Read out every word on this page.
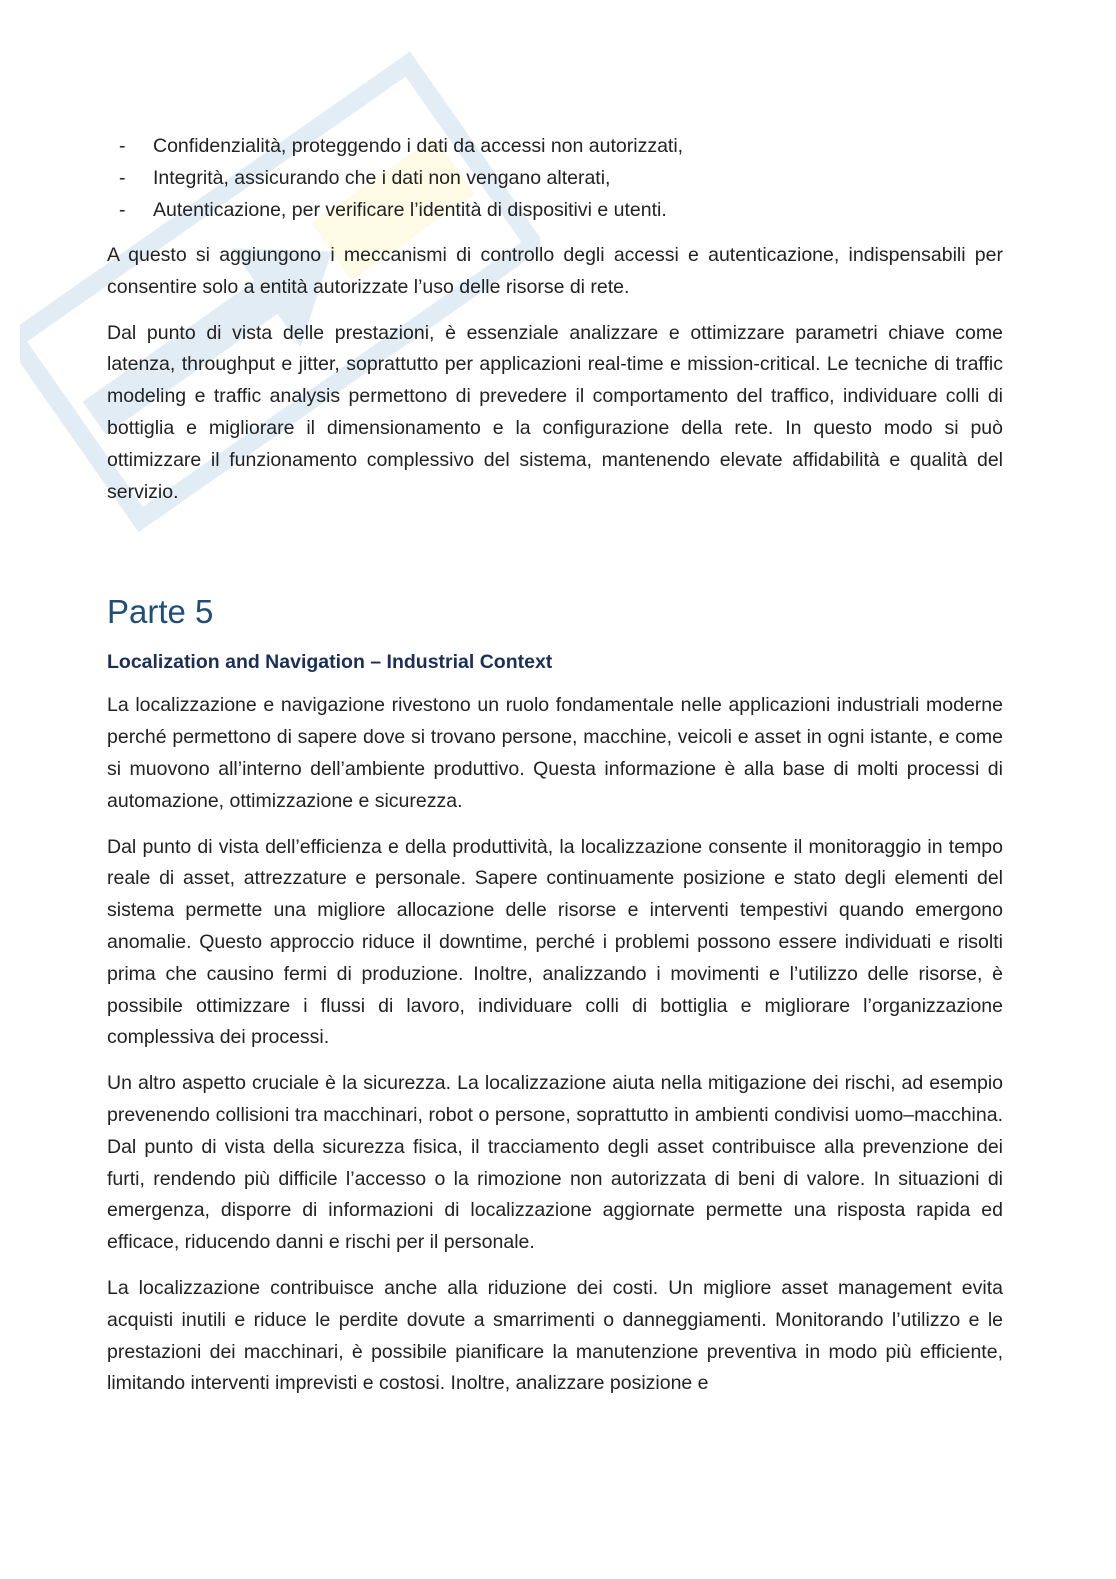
- Confidenzialità, proteggendo i dati da accessi non autorizzati,
- Integrità, assicurando che i dati non vengano alterati,
- Autenticazione, per verificare l’identità di dispositivi e utenti.

A questo si aggiungono i meccanismi di controllo degli accessi e autenticazione, indispensabili per consentire solo a entità autorizzate l’uso delle risorse di rete.

Dal punto di vista delle prestazioni, è essenziale analizzare e ottimizzare parametri chiave come latenza, throughput e jitter, soprattutto per applicazioni real-time e mission-critical. Le tecniche di traffic modeling e traffic analysis permettono di prevedere il comportamento del traffico, individuare colli di bottiglia e migliorare il dimensionamento e la configurazione della rete. In questo modo si può ottimizzare il funzionamento complessivo del sistema, mantenendo elevate affidabilità e qualità del servizio.

Parte 5
Localization and Navigation – Industrial Context

La localizzazione e navigazione rivestono un ruolo fondamentale nelle applicazioni industriali moderne perché permettono di sapere dove si trovano persone, macchine, veicoli e asset in ogni istante, e come si muovono all’interno dell’ambiente produttivo. Questa informazione è alla base di molti processi di automazione, ottimizzazione e sicurezza.

Dal punto di vista dell’efficienza e della produttività, la localizzazione consente il monitoraggio in tempo reale di asset, attrezzature e personale. Sapere continuamente posizione e stato degli elementi del sistema permette una migliore allocazione delle risorse e interventi tempestivi quando emergono anomalie. Questo approccio riduce il downtime, perché i problemi possono essere individuati e risolti prima che causino fermi di produzione. Inoltre, analizzando i movimenti e l’utilizzo delle risorse, è possibile ottimizzare i flussi di lavoro, individuare colli di bottiglia e migliorare l’organizzazione complessiva dei processi.

Un altro aspetto cruciale è la sicurezza. La localizzazione aiuta nella mitigazione dei rischi, ad esempio prevenendo collisioni tra macchinari, robot o persone, soprattutto in ambienti condivisi uomo–macchina. Dal punto di vista della sicurezza fisica, il tracciamento degli asset contribuisce alla prevenzione dei furti, rendendo più difficile l’accesso o la rimozione non autorizzata di beni di valore. In situazioni di emergenza, disporre di informazioni di localizzazione aggiornate permette una risposta rapida ed efficace, riducendo danni e rischi per il personale.

La localizzazione contribuisce anche alla riduzione dei costi. Un migliore asset management evita acquisti inutili e riduce le perdite dovute a smarrimenti o danneggiamenti. Monitorando l’utilizzo e le prestazioni dei macchinari, è possibile pianificare la manutenzione preventiva in modo più efficiente, limitando interventi imprevisti e costosi. Inoltre, analizzare posizione e
